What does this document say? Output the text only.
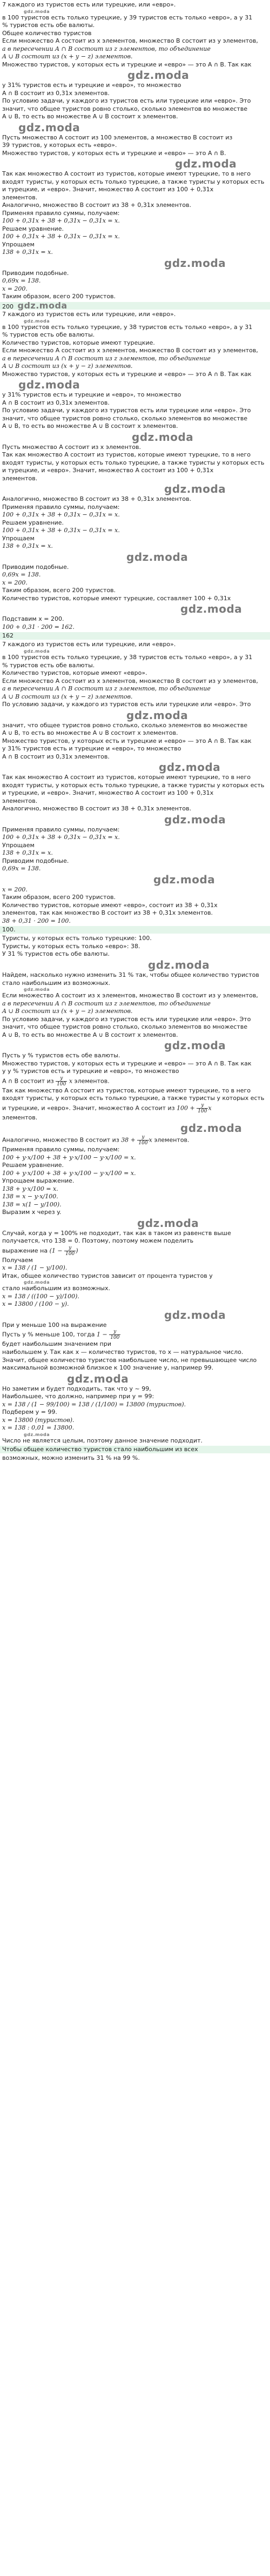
7 каждого из туристов есть или турецкие, или «евро».

gdz.moda

в 100 туристов есть только турецкие, у 39 туристов есть только «евро», а у 31

% туристов есть обе валюты.

Общее количество туристов

Если множество A состоит из x элементов, множество B состоит из y элементов,

а в пересечении A ∩ B состоит из z элементов, то объединение

A ∪ B состоит из (x + y − z) элементов.

Множество туристов, у которых есть и турецкие и «евро» — это A ∩ B. Так как

gdz.moda

у 31% туристов есть и турецкие и «евро», то множество

A ∩ B состоит из 0,31x элементов.

По условию задачи, у каждого из туристов есть или турецкие или «евро». Это

значит, что общее туристов ровно столько, сколько элементов во множестве

A ∪ B, то есть во множестве A ∪ B состоит x элементов.

gdz.moda

Пусть множество A состоит из 100 элементов, а множество B состоит из

39 туристов, у которых есть «евро».

Множество туристов, у которых есть и турецкие и «евро» — это A ∩ B.

gdz.moda

Так как множество A состоит из туристов, которые имеют турецкие, то в него

входят туристы, у которых есть только турецкие, а также туристы у которых есть

и турецкие, и «евро». Значит, множество A состоит из 100 + 0,31x

элементов.

Аналогично, множество B состоит из 38 + 0,31x элементов.

Применяя правило суммы, получаем:

100 + 0,31x + 38 + 0,31x − 0,31x = x.

Решаем уравнение.

100 + 0,31x + 38 + 0,31x − 0,31x = x.

Упрощаем

138 + 0,31x = x.

gdz.moda

Приводим подобные.

0,69x = 138.

x = 200.

Таким образом, всего 200 туристов.

200 gdz.moda

7 каждого из туристов есть или турецкие, или «евро».

gdz.moda

в 100 туристов есть только турецкие, у 38 туристов есть только «евро», а у 31

% туристов есть обе валюты.

Количество туристов, которые имеют турецкие.

Если множество A состоит из x элементов, множество B состоит из y элементов,

а в пересечении A ∩ B состоит из z элементов, то объединение

A ∪ B состоит из (x + y − z) элементов.

Множество туристов, у которых есть и турецкие и «евро» — это A ∩ B. Так как

gdz.moda

у 31% туристов есть и турецкие и «евро», то множество

A ∩ B состоит из 0,31x элементов.

По условию задачи, у каждого из туристов есть или турецкие или «евро». Это

значит, что общее туристов ровно столько, сколько элементов во множестве

A ∪ B, то есть во множестве A ∪ B состоит x элементов.

gdz.moda

Пусть множество A состоит из x элементов.

Так как множество A состоит из туристов, которые имеют турецкие, то в него

входят туристы, у которых есть только турецкие, а также туристы у которых есть

и турецкие, и «евро». Значит, множество A состоит из 100 + 0,31x

элементов.

gdz.moda

Аналогично, множество B состоит из 38 + 0,31x элементов.

Применяя правило суммы, получаем:

100 + 0,31x + 38 + 0,31x − 0,31x = x.

Решаем уравнение.

100 + 0,31x + 38 + 0,31x − 0,31x = x.

Упрощаем

138 + 0,31x = x.

gdz.moda

Приводим подобные.

0,69x = 138.

x = 200.

Таким образом, всего 200 туристов.

Количество туристов, которые имеют турецкие, составляет 100 + 0,31x

gdz.moda

Подставим x = 200.

100 + 0,31 · 200 = 162.

162

7 каждого из туристов есть или турецкие, или «евро».

gdz.moda

в 100 туристов есть только турецкие, у 38 туристов есть только «евро», а у 31

% туристов есть обе валюты.

Количество туристов, которые имеют «евро».

Если множество A состоит из x элементов, множество B состоит из y элементов,

а в пересечении A ∩ B состоит из z элементов, то объединение

A ∪ B состоит из (x + y − z) элементов.

По условию задачи, у каждого из туристов есть или турецкие или «евро». Это

gdz.moda

значит, что общее туристов ровно столько, сколько элементов во множестве

A ∪ B, то есть во множестве A ∪ B состоит x элементов.

Множество туристов, у которых есть и турецкие и «евро» — это A ∩ B. Так как

у 31% туристов есть и турецкие и «евро», то множество

A ∩ B состоит из 0,31x элементов.

gdz.moda

Так как множество A состоит из туристов, которые имеют турецкие, то в него

входят туристы, у которых есть только турецкие, а также туристы у которых есть

и турецкие, и «евро». Значит, множество A состоит из 100 + 0,31x

элементов.

Аналогично, множество B состоит из 38 + 0,31x элементов.

gdz.moda

Применяя правило суммы, получаем:

100 + 0,31x + 38 + 0,31x − 0,31x = x.

Упрощаем

138 + 0,31x = x.

Приводим подобные.

0,69x = 138.

gdz.moda

x = 200.

Таким образом, всего 200 туристов.

Количество туристов, которые имеют «евро», состоит из 38 + 0,31x

элементов, так как множество B состоит из 38 + 0,31x элементов.

38 + 0,31 · 200 = 100.

100.

Туристы, у которых есть только турецкие: 100.

Туристы, у которых есть только «евро»: 38.

У 31 % туристов есть обе валюты.

gdz.moda

Найдем, насколько нужно изменить 31 % так, чтобы общее количество туристов

стало наибольшим из возможных.

gdz.moda

Если множество A состоит из x элементов, множество B состоит из y элементов,

а в пересечении A ∩ B состоит из z элементов, то объединение

A ∪ B состоит из (x + y − z) элементов.

По условию задачи, у каждого из туристов есть или турецкие или «евро». Это

значит, что общее туристов ровно столько, сколько элементов во множестве

A ∪ B, то есть во множестве A ∪ B состоит x элементов.

gdz.moda

Пусть y % туристов есть обе валюты.

Множество туристов, у которых есть и турецкие и «евро» — это A ∩ B. Так как

у y % туристов есть и турецкие и «евро», то множество

A ∩ B состоит из $\frac{y}{100}$ x элементов.

Так как множество A состоит из туристов, которые имеют турецкие, то в него

входят туристы, у которых есть только турецкие, а также туристы у которых есть

и турецкие, и «евро». Значит, множество A состоит из $100 + \frac{y}{100}$ x

элементов.

gdz.moda

Аналогично, множество B состоит из $38 + \frac{y}{100}$ x элементов.

Применяя правило суммы, получаем:

100 + y·x/100 + 38 + y·x/100 − y·x/100 = x.

Решаем уравнение.

100 + y·x/100 + 38 + y·x/100 − y·x/100 = x.

Упрощаем выражение.

138 + y·x/100 = x.

138 = x − y·x/100.

138 = x(1 − y/100).

Выразим x через y.

gdz.moda

Случай, когда y = 100% не подходит, так как в таком из равенств выше

получается, что 138 = 0. Поэтому, поэтому можем поделить

выражение на ($1 - \frac{y}{100}$ )

Получаем

x = 138 / (1 − y/100).

Итак, общее количество туристов зависит от процента туристов y

gdz.moda

стало наибольшим из возможных.

x = 138 / ((100 − y)/100).

x = 13800 / (100 − y).

gdz.moda

При y меньше 100 на выражение

Пусть y % меньше 100, тогда $1 - \frac{y}{100}$

будет наибольшим значением при

наибольшем y. Так как x — количество туристов, то x — натуральное число.

Значит, общее количество туристов наибольшее число, не превышающее число

максимальной возможной близкое к 100 значение y, например 99.

gdz.moda

Но заметим и будет подходить, так что y ~ 99,

Наибольшее, что должно, например при y = 99:

x = 138 / (1 − 99/100) = 138 / (1/100) = 13800 (туристов).

Подберем y = 99.

x = 13800 (туристов).

x = 138 : 0,01 = 13800.

gdz.moda

Число не является целым, поэтому данное значение подходит.

Чтобы общее количество туристов стало наибольшим из всех

возможных, можно изменить 31 % на 99 %.
